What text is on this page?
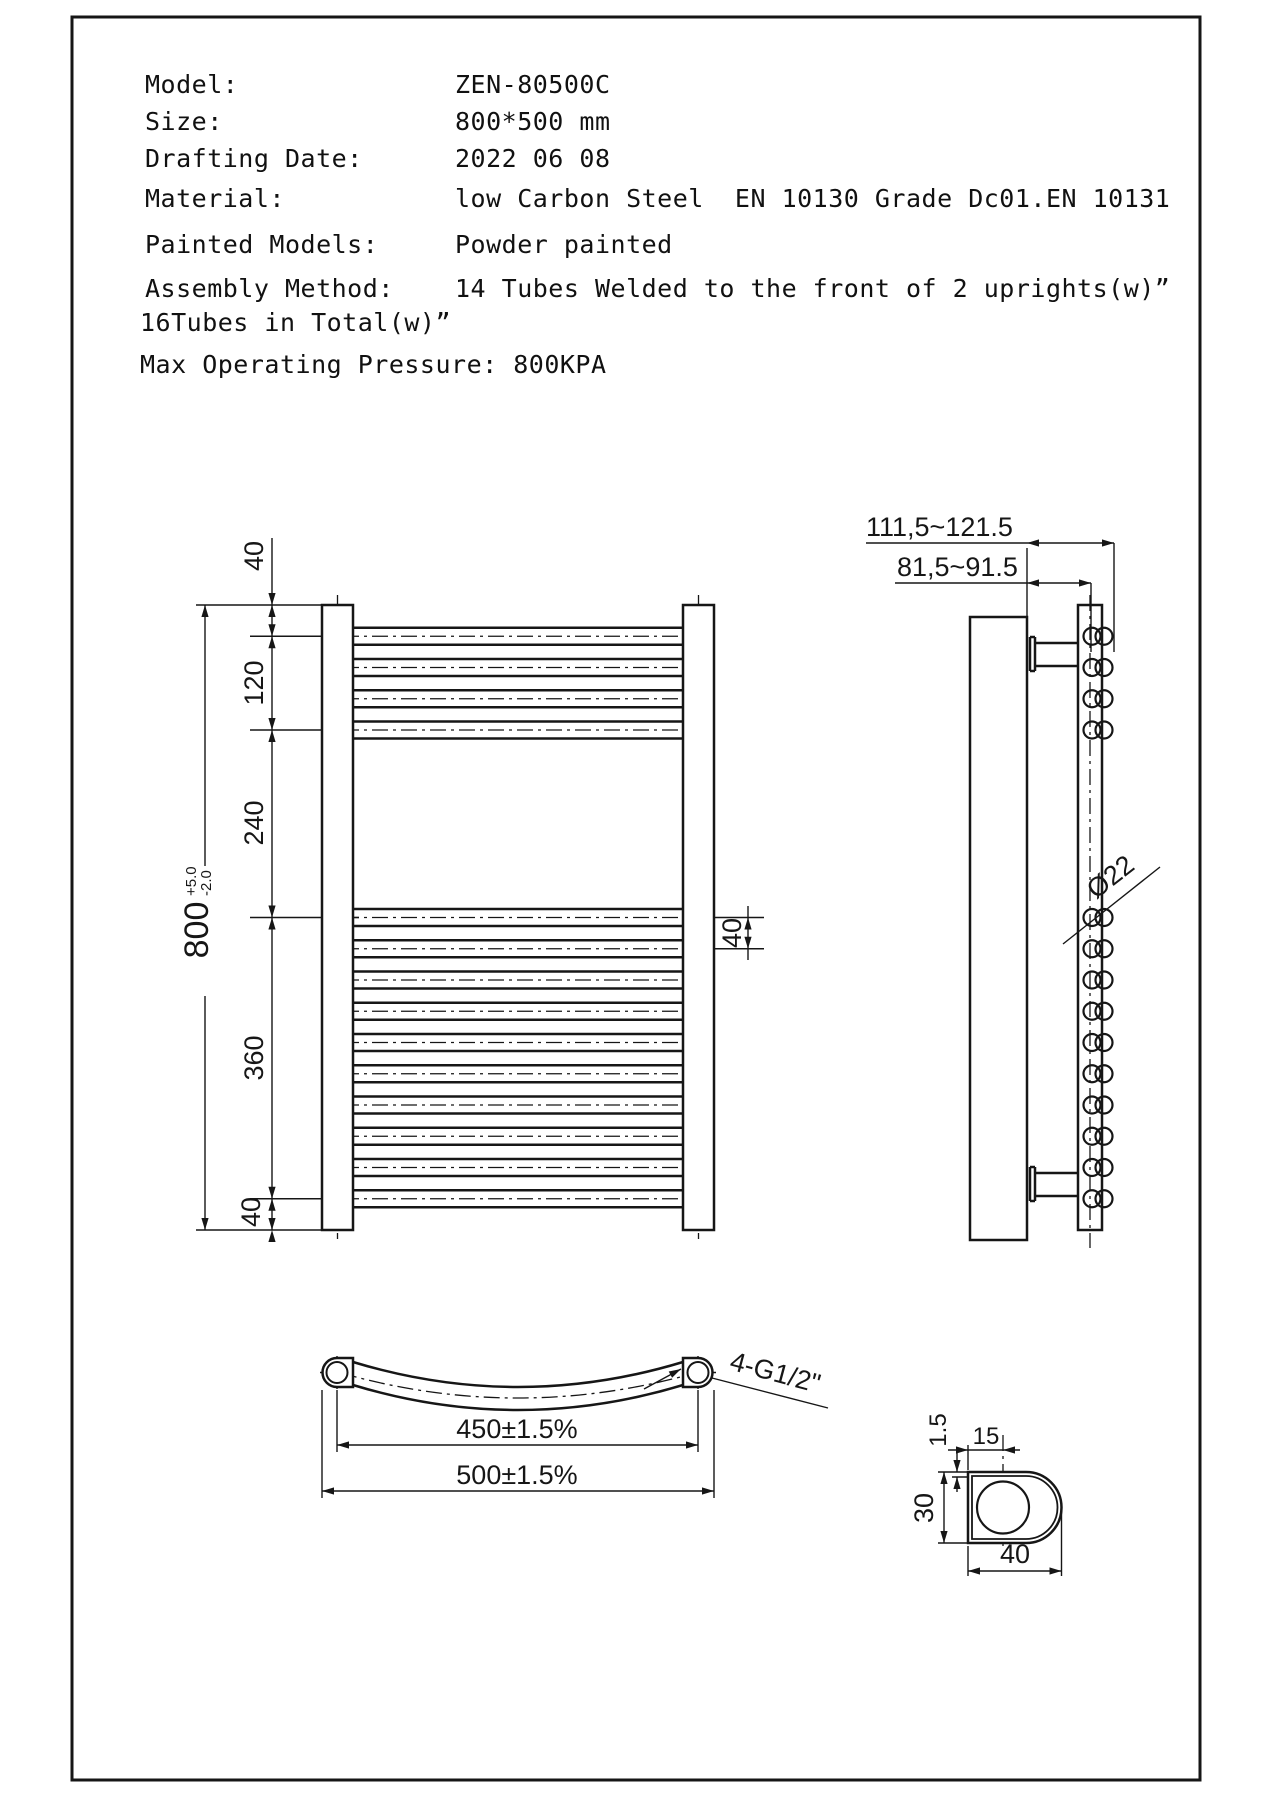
Model:	ZEN-80500C
Size:	800*500 mm
Drafting Date:	2022 06 08
Material:	low Carbon Steel  EN 10130 Grade Dc01.EN 10131
Painted Models:	Powder painted
Assembly Method: 14 Tubes Welded to the front of 2 uprights(w)”
16Tubes in Total(w)”
Max Operating Pressure: 800KPA
40
120
240
360
40
800
+5.0
-2.0
40
111,5~121.5
81,5~91.5
Ø22
450±1.5%
500±1.5%
4-G1/2"
15
1.5
30
40
